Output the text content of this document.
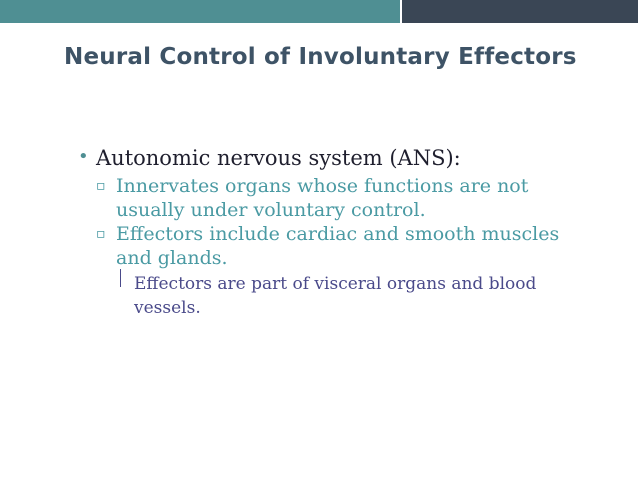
Neural Control of Involuntary Effectors
• Autonomic nervous system (ANS):
▫ Innervates organs whose functions are not usually under voluntary control.
▫ Effectors include cardiac and smooth muscles and glands.
Effectors are part of visceral organs and blood vessels.
